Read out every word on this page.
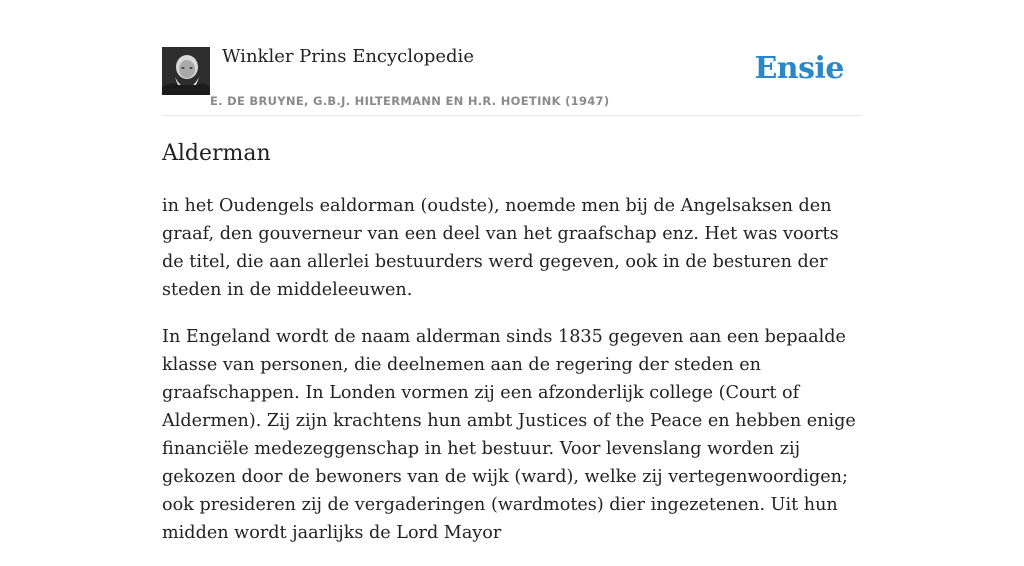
Winkler Prins Encyclopedie
E. DE BRUYNE, G.B.J. HILTERMANN EN H.R. HOETINK (1947)
Ensie
Alderman

in het Oudengels ealdorman (oudste), noemde men bij de Angelsaksen den graaf, den gouverneur van een deel van het graafschap enz. Het was voorts de titel, die aan allerlei bestuurders werd gegeven, ook in de besturen der steden in de middeleeuwen.

In Engeland wordt de naam alderman sinds 1835 gegeven aan een bepaalde klasse van personen, die deelnemen aan de regering der steden en graafschappen. In Londen vormen zij een afzonderlijk college (Court of Aldermen). Zij zijn krachtens hun ambt Justices of the Peace en hebben enige financiële medezeggenschap in het bestuur. Voor levenslang worden zij gekozen door de bewoners van de wijk (ward), welke zij vertegenwoordigen; ook presideren zij de vergaderingen (wardmotes) dier ingezetenen. Uit hun midden wordt jaarlijks de Lord Mayor
